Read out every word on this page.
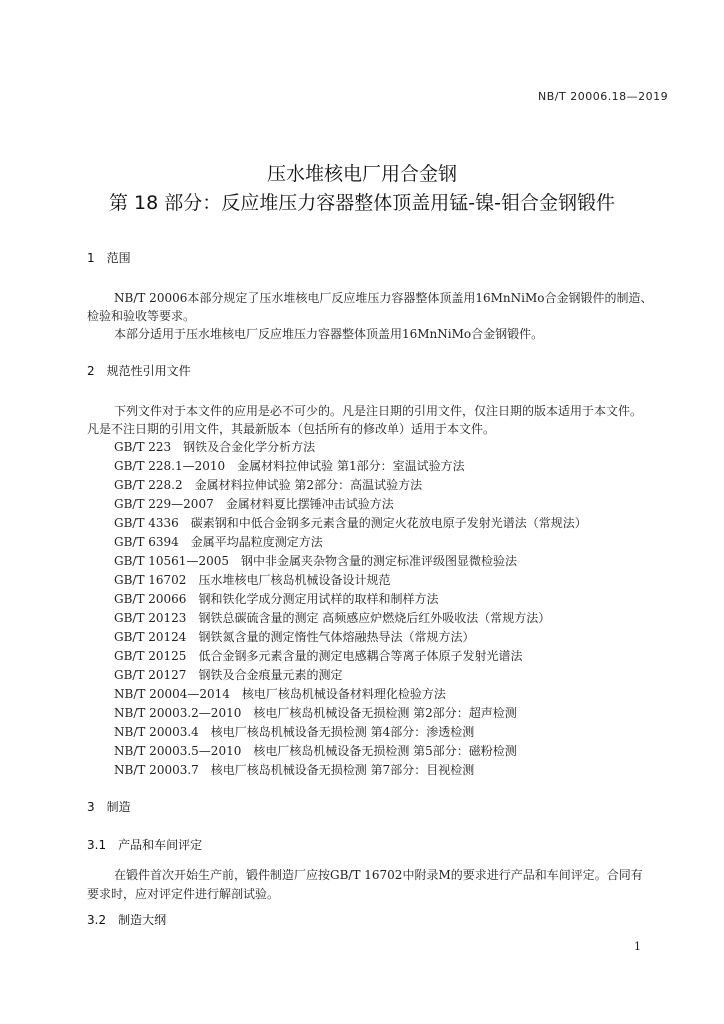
NB/T 20006.18—2019
压水堆核电厂用合金钢
第 18 部分：反应堆压力容器整体顶盖用锰-镍-钼合金钢锻件
1　范围
NB/T 20006本部分规定了压水堆核电厂反应堆压力容器整体顶盖用16MnNiMo合金钢锻件的制造、
检验和验收等要求。
本部分适用于压水堆核电厂反应堆压力容器整体顶盖用16MnNiMo合金钢锻件。
2　规范性引用文件
下列文件对于本文件的应用是必不可少的。凡是注日期的引用文件，仅注日期的版本适用于本文件。
凡是不注日期的引用文件，其最新版本（包括所有的修改单）适用于本文件。
GB/T 223　钢铁及合金化学分析方法
GB/T 228.1—2010　金属材料拉伸试验 第1部分：室温试验方法
GB/T 228.2　金属材料拉伸试验 第2部分：高温试验方法
GB/T 229—2007　金属材料夏比摆锤冲击试验方法
GB/T 4336　碳素钢和中低合金钢多元素含量的测定火花放电原子发射光谱法（常规法）
GB/T 6394　金属平均晶粒度测定方法
GB/T 10561—2005　钢中非金属夹杂物含量的测定标准评级图显微检验法
GB/T 16702　压水堆核电厂核岛机械设备设计规范
GB/T 20066　钢和铁化学成分测定用试样的取样和制样方法
GB/T 20123　钢铁总碳硫含量的测定 高频感应炉燃烧后红外吸收法（常规方法）
GB/T 20124　钢铁氮含量的测定惰性气体熔融热导法（常规方法）
GB/T 20125　低合金钢多元素含量的测定电感耦合等离子体原子发射光谱法
GB/T 20127　钢铁及合金痕量元素的测定
NB/T 20004—2014　核电厂核岛机械设备材料理化检验方法
NB/T 20003.2—2010　核电厂核岛机械设备无损检测 第2部分：超声检测
NB/T 20003.4　核电厂核岛机械设备无损检测 第4部分：渗透检测
NB/T 20003.5—2010　核电厂核岛机械设备无损检测 第5部分：磁粉检测
NB/T 20003.7　核电厂核岛机械设备无损检测 第7部分：目视检测
3　制造
3.1　产品和车间评定
在锻件首次开始生产前，锻件制造厂应按GB/T 16702中附录M的要求进行产品和车间评定。合同有
要求时，应对评定件进行解剖试验。
3.2　制造大纲
1
